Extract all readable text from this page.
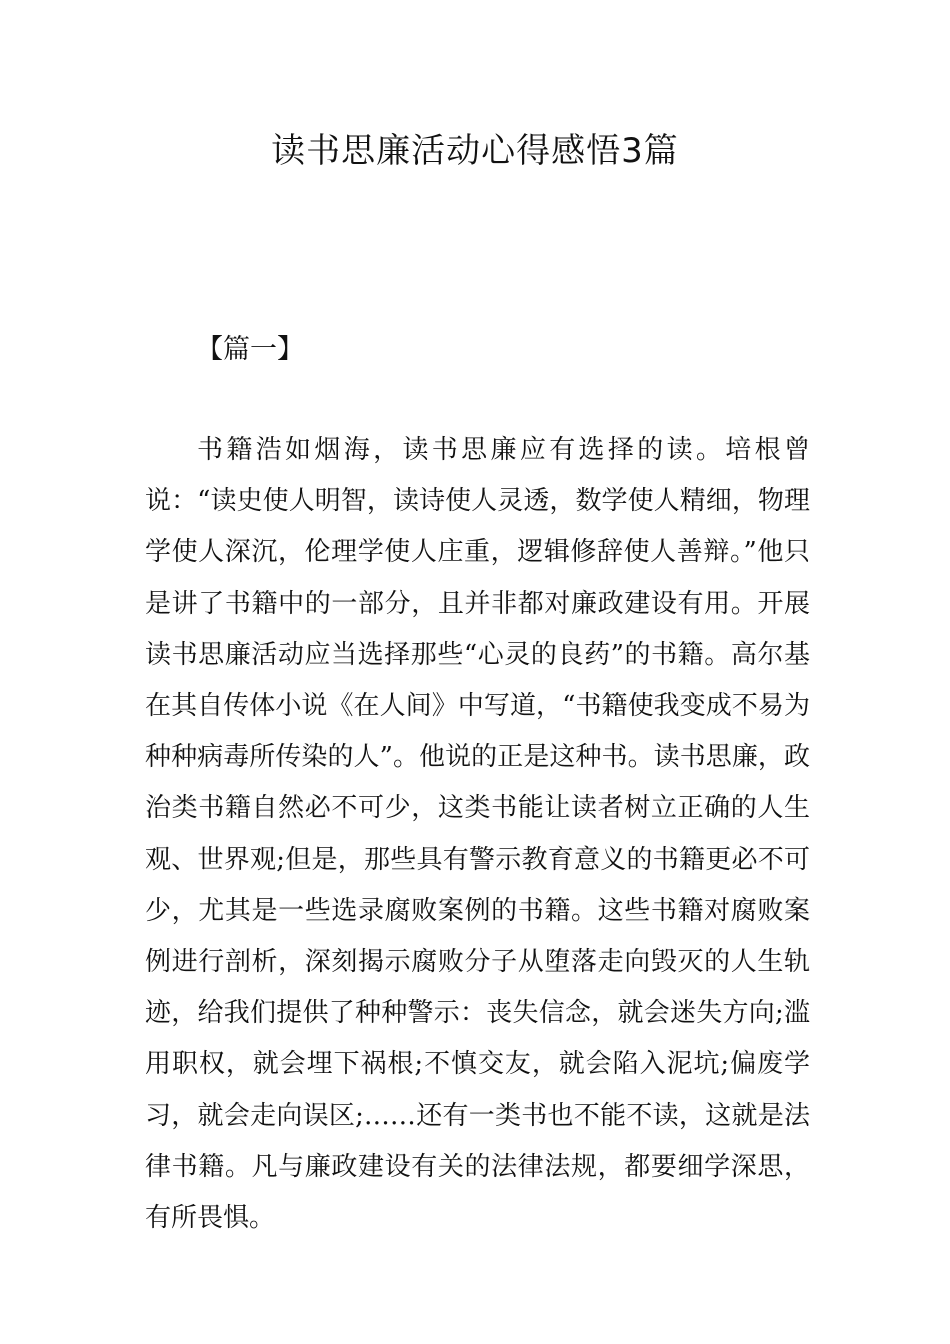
读书思廉活动心得感悟3篇
【篇一】

书籍浩如烟海，读书思廉应有选择的读。培根曾说：“读史使人明智，读诗使人灵透，数学使人精细，物理学使人深沉，伦理学使人庄重，逻辑修辞使人善辩。”他只是讲了书籍中的一部分，且并非都对廉政建设有用。开展读书思廉活动应当选择那些“心灵的良药”的书籍。高尔基在其自传体小说《在人间》中写道，“书籍使我变成不易为种种病毒所传染的人”。他说的正是这种书。读书思廉，政治类书籍自然必不可少，这类书能让读者树立正确的人生观、世界观;但是，那些具有警示教育意义的书籍更必不可少，尤其是一些选录腐败案例的书籍。这些书籍对腐败案例进行剖析，深刻揭示腐败分子从堕落走向毁灭的人生轨迹，给我们提供了种种警示：丧失信念，就会迷失方向;滥用职权，就会埋下祸根;不慎交友，就会陷入泥坑;偏废学习，就会走向误区;……还有一类书也不能不读，这就是法律书籍。凡与廉政建设有关的法律法规，都要细学深思，有所畏惧。
